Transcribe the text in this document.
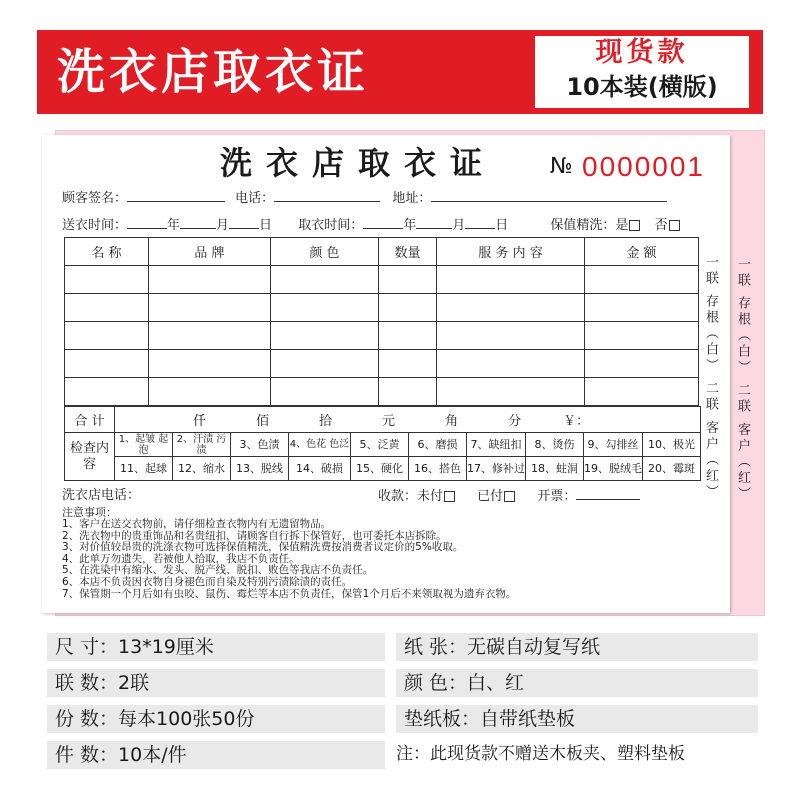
洗衣店取衣证	现货款
10本装(横版)
一联 存根（白） 二联 客户（红）
洗衣店取衣证 № 0000001
顾客签名：	电话：	地址：
送衣时间：	年	月 日 取衣时间：	年	月 日	保值精洗：是 否
名 称	品 牌	颜 色	数量	服 务 内 容	金 额

合 计	仟 佰 拾 元 角 分 ￥：									
检查内容	1、起皱 起泡	2、汗渍 污渍	3、色渍	4、色花 色泛	5、泛黄	6、磨损	7、缺纽扣	8、烫伤	9、勾排丝	10、极光
	11、起球	12、缩水	13、脱线	14、破损	15、硬化	16、搭色	17、修补过	18、蛀洞	19、脱绒毛	20、霉斑 一联 存根（白） 二联 客户（红）
洗衣店电话：	收款：未付	已付	开票：
注意事项：
1、客户在送交衣物前，请仔细检查衣物内有无遗留物品。
2、洗衣物中的贵重饰品和名贵纽扣，请顾客自行拆下保管好，也可委托本店拆除。
3、对价值较昂贵的洗涤衣物可选择保值精洗，保值精洗费按消费者议定价的5%收取。
4、此单万勿遗失，若被他人拾取，我店不负责任。
5、在洗染中有缩水、发头、脱产线、脱扣、败色等我店不负责任。
6、本店不负责因衣物自身褪色而自染及特别污渍除渍的责任。
7、保管期一个月后如有虫咬、鼠伤、霉烂等本店不负责任，保管1个月后不来领取视为遗弃衣物。
尺 寸：13*19厘米
联 数：2联
份 数：每本100张50份
件 数：10本/件
纸 张：无碳自动复写纸
颜 色：白、红
垫纸板：自带纸垫板
注：此现货款不赠送木板夹、塑料垫板
